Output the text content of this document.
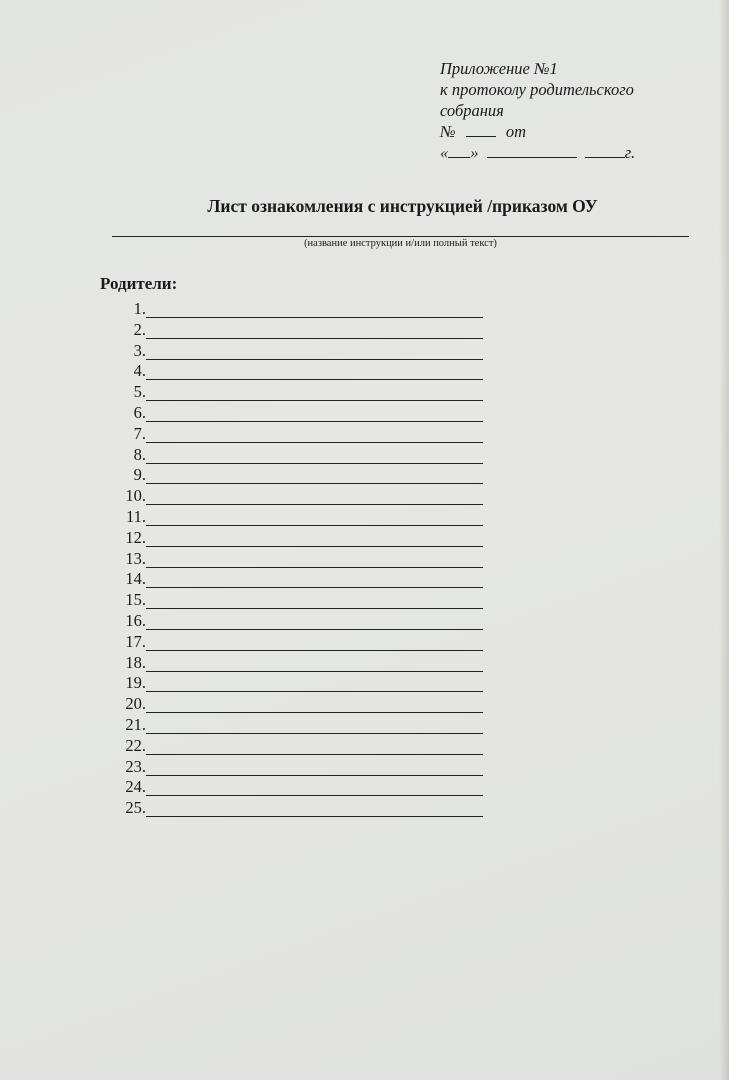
Приложение №1
к протоколу родительского
собрания
№	от
« »	г.
Лист ознакомления с инструкцией /приказом ОУ
(название инструкции и/или полный текст)
Родители:
1.
2.
3.
4.
5.
6.
7.
8.
9.
10.
11.
12.
13.
14.
15.
16.
17.
18.
19.
20.
21.
22.
23.
24.
25.
